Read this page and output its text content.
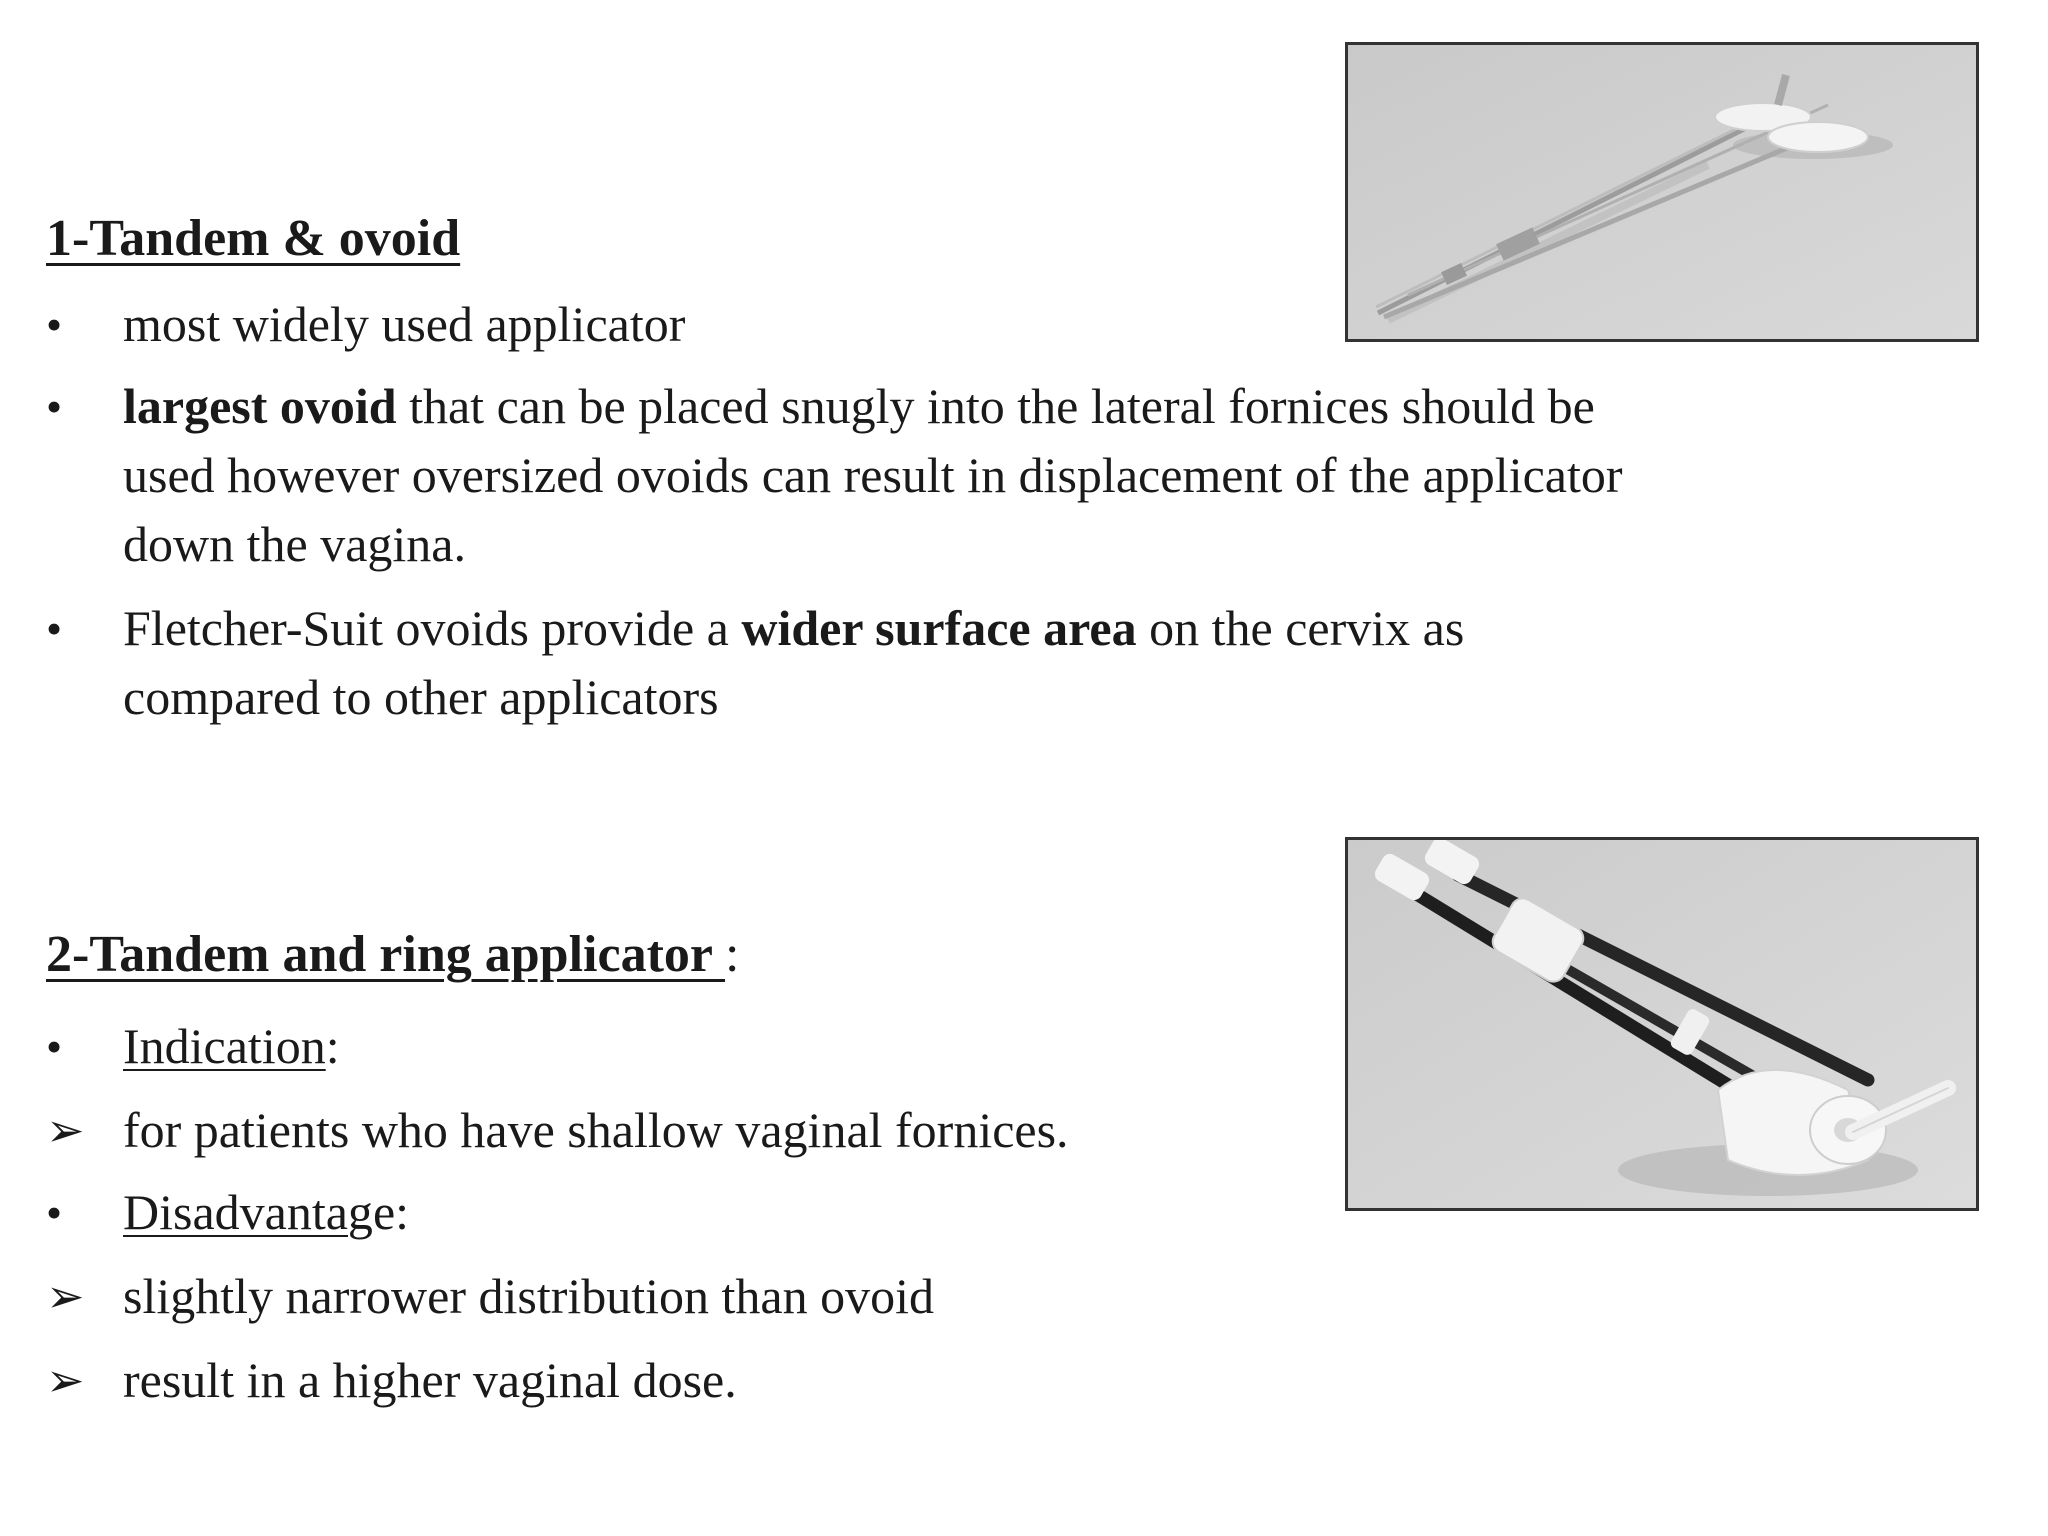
1-Tandem & ovoid
•	most widely used applicator
•	largest ovoid that can be placed snugly into the lateral fornices should be
used however oversized ovoids can result in displacement of the applicator
down the vagina.
•	Fletcher-Suit ovoids provide a wider surface area on the cervix as
compared to other applicators
2-Tandem and ring applicator :
•	Indication:
➢ for patients who have shallow vaginal fornices.
•	Disadvantage:
➢ slightly narrower distribution than ovoid
➢ result in a higher vaginal dose.
